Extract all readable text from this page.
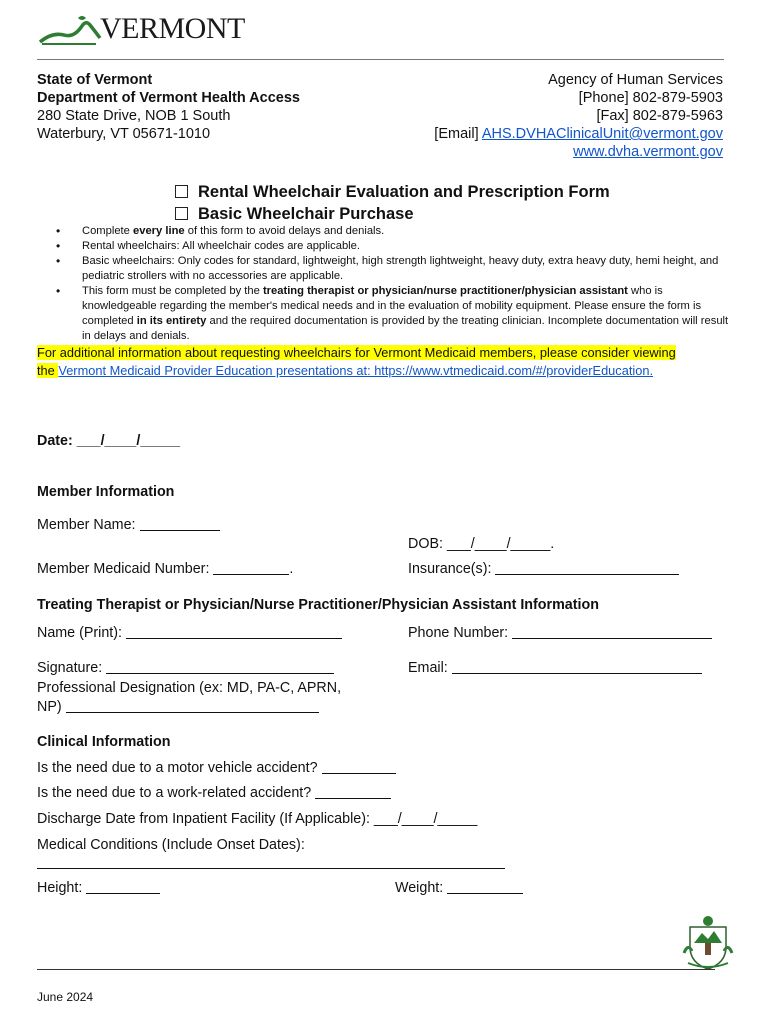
VERMONT
State of Vermont
Department of Vermont Health Access
280 State Drive, NOB 1 South
Waterbury, VT 05671-1010
Agency of Human Services
[Phone] 802-879-5903
[Fax] 802-879-5963
[Email] AHS.DVHAClinicalUnit@vermont.gov
www.dvha.vermont.gov
Rental Wheelchair Evaluation and Prescription Form
Basic Wheelchair Purchase
• Complete every line of this form to avoid delays and denials.
• Rental wheelchairs: All wheelchair codes are applicable.
• Basic wheelchairs: Only codes for standard, lightweight, high strength lightweight, heavy duty, extra heavy duty, hemi height, and pediatric strollers with no accessories are applicable.
• This form must be completed by the treating therapist or physician/nurse practitioner/physician assistant who is knowledgeable regarding the member's medical needs and in the evaluation of mobility equipment. Please ensure the form is completed in its entirety and the required documentation is provided by the treating clinician. Incomplete documentation will result in delays and denials.
For additional information about requesting wheelchairs for Vermont Medicaid members, please consider viewing
the Vermont Medicaid Provider Education presentations at: https://www.vtmedicaid.com/#/providerEducation.
Date: ___/____/_____
Member Information
Member Name:
DOB: ___/____/_____.
Member Medicaid Number:	.	Insurance(s):
Treating Therapist or Physician/Nurse Practitioner/Physician Assistant Information
Name (Print):	Phone Number:
Signature:	Email:
Professional Designation (ex: MD, PA-C, APRN,
NP)
Clinical Information
Is the need due to a motor vehicle accident?
Is the need due to a work-related accident?
Discharge Date from Inpatient Facility (If Applicable): ___/____/_____
Medical Conditions (Include Onset Dates):
Height:	Weight:
June 2024
